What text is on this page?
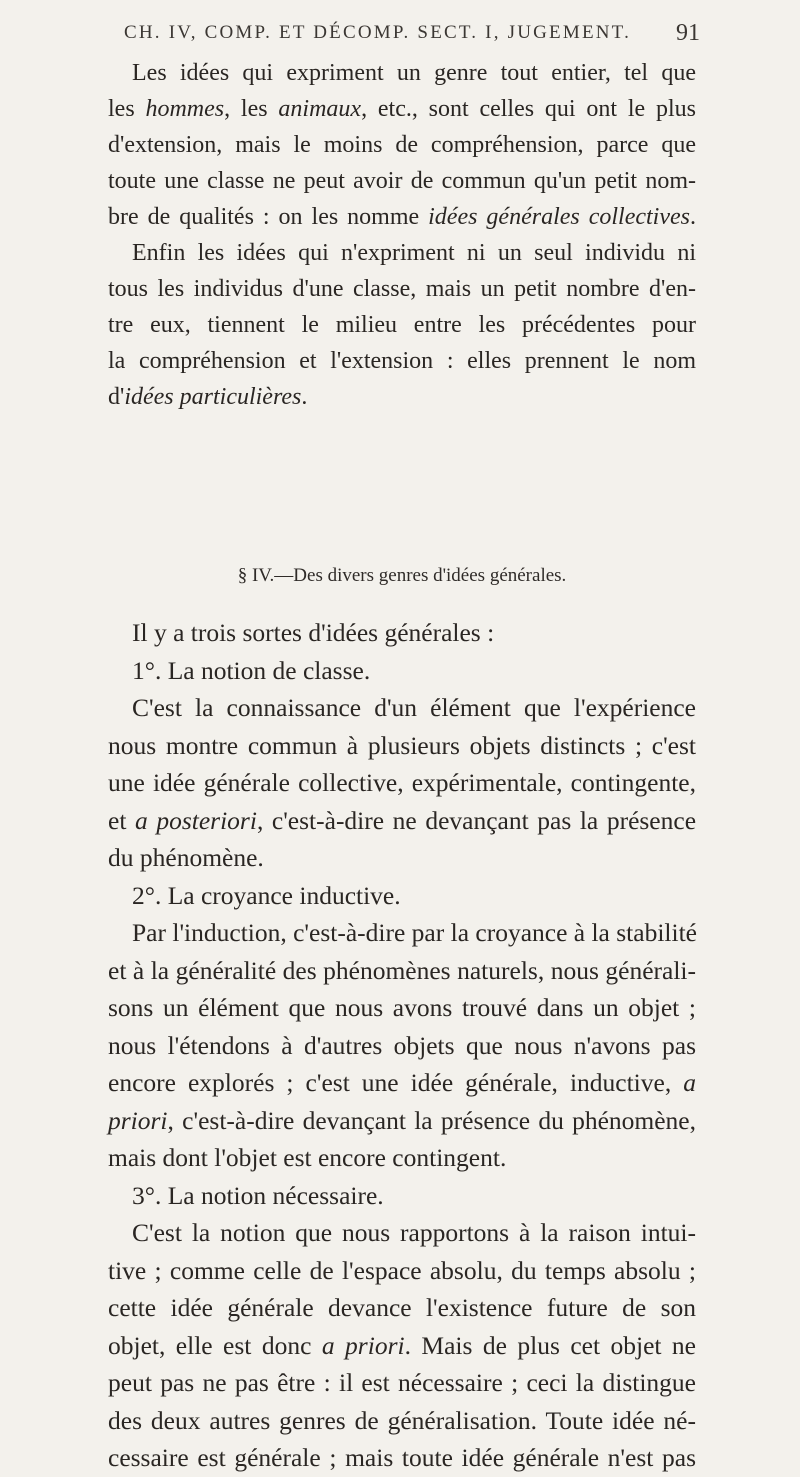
CH. IV, COMP. ET DÉCOMP. SECT. I, JUGEMENT. 91
Les idées qui expriment un genre tout entier, tel que
les hommes, les animaux, etc., sont celles qui ont le plus
d'extension, mais le moins de compréhension, parce que
toute une classe ne peut avoir de commun qu'un petit nom-
bre de qualités : on les nomme idées générales collectives.
Enfin les idées qui n'expriment ni un seul individu ni
tous les individus d'une classe, mais un petit nombre d'en-
tre eux, tiennent le milieu entre les précédentes pour
la compréhension et l'extension : elles prennent le nom
d'idées particulières.
§ IV.—Des divers genres d'idées générales.
Il y a trois sortes d'idées générales :
1°. La notion de classe.
C'est la connaissance d'un élément que l'expérience
nous montre commun à plusieurs objets distincts ; c'est
une idée générale collective, expérimentale, contingente,
et a posteriori, c'est-à-dire ne devançant pas la présence
du phénomène.
2°. La croyance inductive.
Par l'induction, c'est-à-dire par la croyance à la stabilité
et à la généralité des phénomènes naturels, nous générali-
sons un élément que nous avons trouvé dans un objet ;
nous l'étendons à d'autres objets que nous n'avons pas
encore explorés ; c'est une idée générale, inductive, a
priori, c'est-à-dire devançant la présence du phénomène,
mais dont l'objet est encore contingent.
3°. La notion nécessaire.
C'est la notion que nous rapportons à la raison intui-
tive ; comme celle de l'espace absolu, du temps absolu ;
cette idée générale devance l'existence future de son
objet, elle est donc a priori. Mais de plus cet objet ne
peut pas ne pas être : il est nécessaire ; ceci la distingue
des deux autres genres de généralisation. Toute idée né-
cessaire est générale ; mais toute idée générale n'est pas
